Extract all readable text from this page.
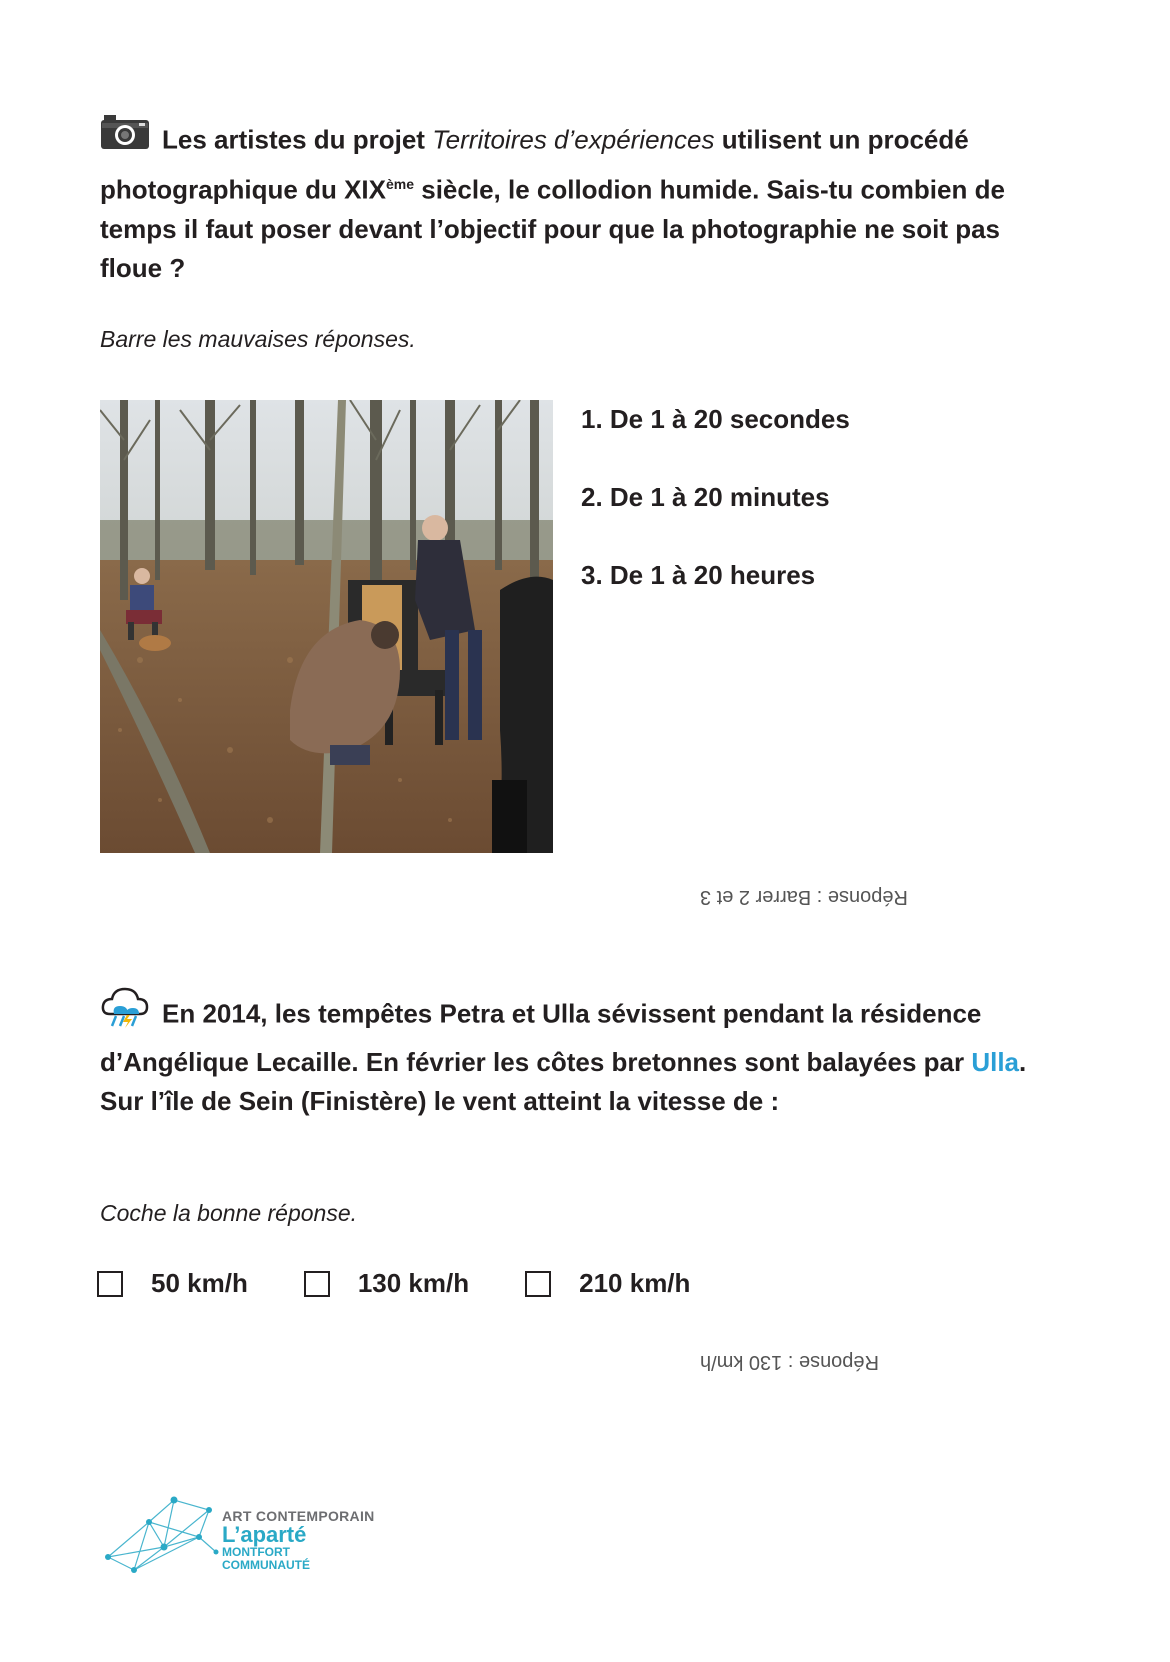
Les artistes du projet Territoires d’expériences utilisent un procédé photographique du XIXème siècle, le collodion humide. Sais-tu combien de temps il faut poser devant l’objectif pour que la photographie ne soit pas floue ?
Barre les mauvaises réponses.
1. De 1 à 20 secondes
2. De 1 à 20 minutes
3. De 1 à 20 heures
Réponse : Barrer 2 et 3
En 2014, les tempêtes Petra et Ulla sévissent pendant la résidence d’Angélique Lecaille. En février les côtes bretonnes sont balayées par Ulla. Sur l’île de Sein (Finistère) le vent atteint la vitesse de :
Coche la bonne réponse.
50 km/h	130 km/h	210 km/h
Réponse : 130 km/h
ART CONTEMPORAIN
L’aparté
MONTFORT
COMMUNAUTÉ
